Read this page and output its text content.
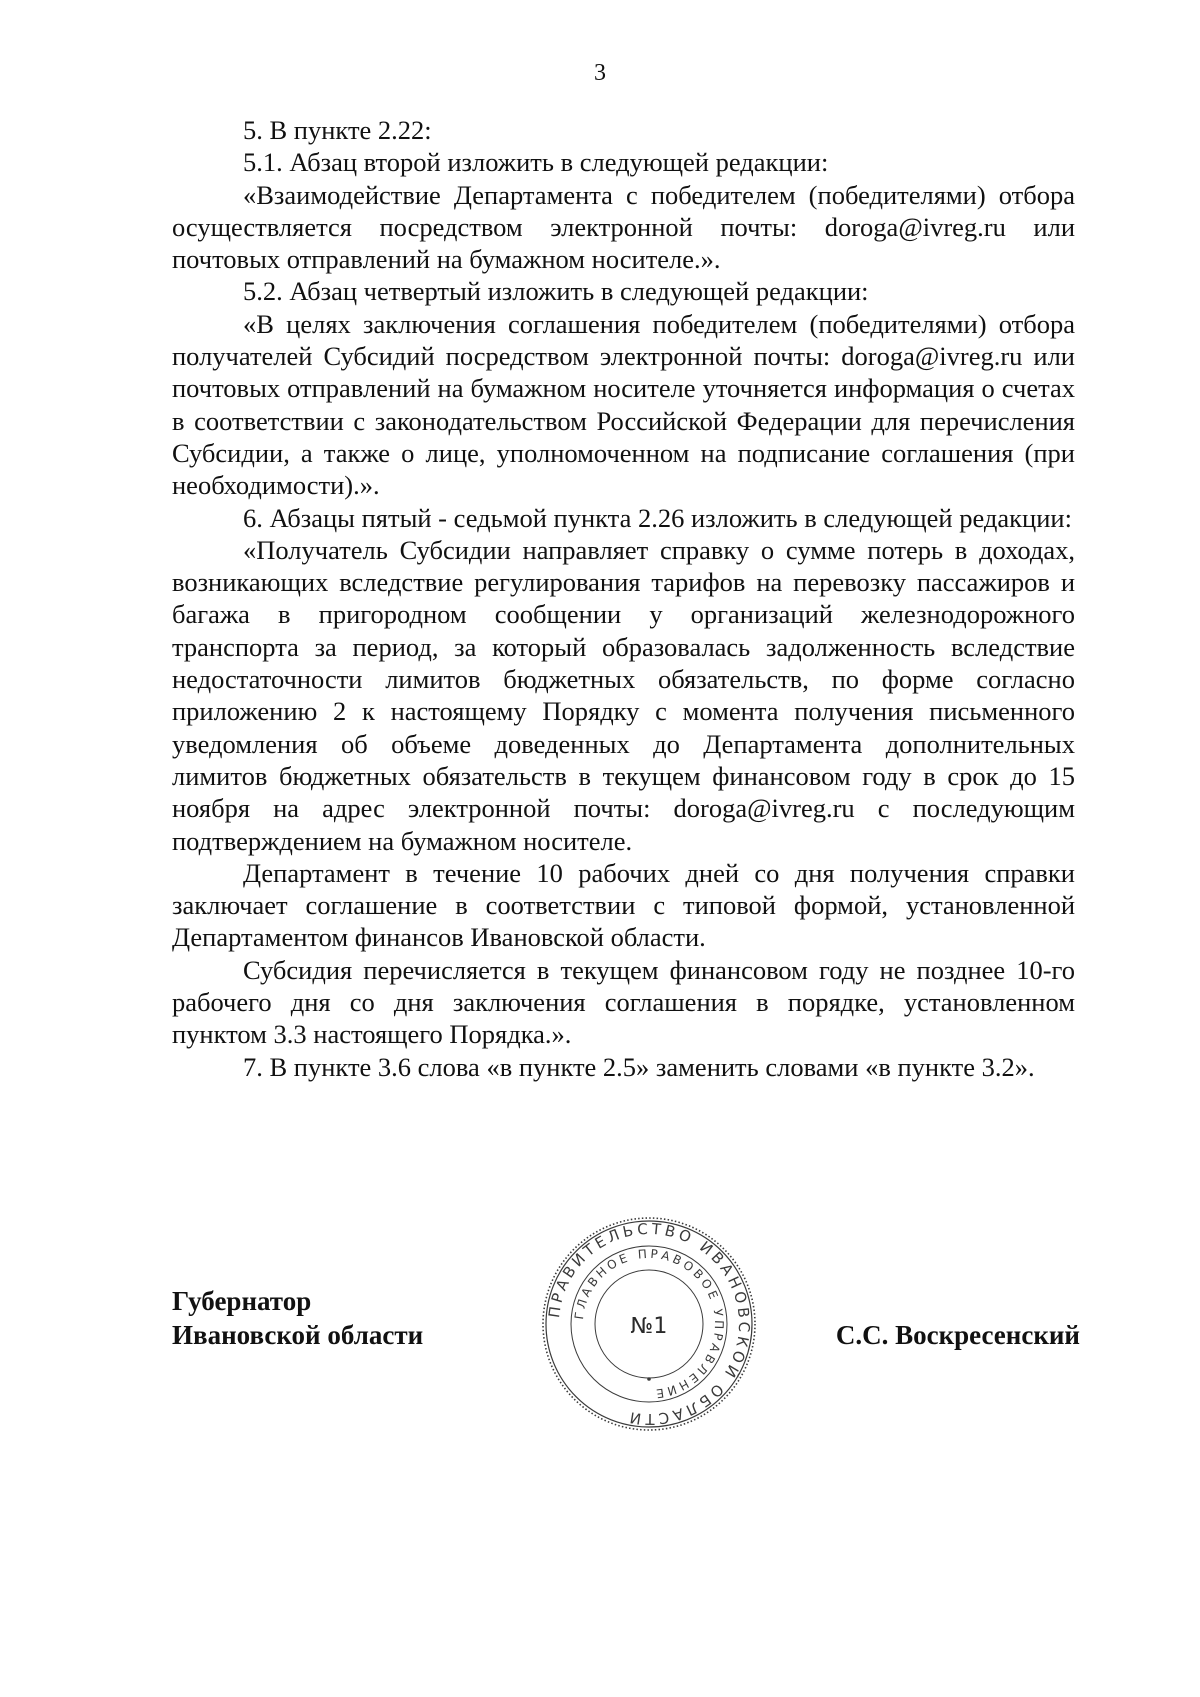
3

5. В пункте 2.22:

5.1. Абзац второй изложить в следующей редакции:

«Взаимодействие Департамента с победителем (победителями) отбора осуществляется посредством электронной почты: doroga@ivreg.ru или почтовых отправлений на бумажном носителе.».

5.2. Абзац четвертый изложить в следующей редакции:

«В целях заключения соглашения победителем (победителями) отбора получателей Субсидий посредством электронной почты: doroga@ivreg.ru или почтовых отправлений на бумажном носителе уточняется информация о счетах в соответствии с законодательством Российской Федерации для перечисления Субсидии, а также о лице, уполномоченном на подписание соглашения (при необходимости).».

6. Абзацы пятый - седьмой пункта 2.26 изложить в следующей редакции:

«Получатель Субсидии направляет справку о сумме потерь в доходах, возникающих вследствие регулирования тарифов на перевозку пассажиров и багажа в пригородном сообщении у организаций железнодорожного транспорта за период, за который образовалась задолженность вследствие недостаточности лимитов бюджетных обязательств, по форме согласно приложению 2 к настоящему Порядку с момента получения письменного уведомления об объеме доведенных до Департамента дополнительных лимитов бюджетных обязательств в текущем финансовом году в срок до 15 ноября на адрес электронной почты: doroga@ivreg.ru с последующим подтверждением на бумажном носителе.

Департамент в течение 10 рабочих дней со дня получения справки заключает соглашение в соответствии с типовой формой, установленной Департаментом финансов Ивановской области.

Субсидия перечисляется в текущем финансовом году не позднее 10-го рабочего дня со дня заключения соглашения в порядке, установленном пунктом 3.3 настоящего Порядка.».

7. В пункте 3.6 слова «в пункте 2.5» заменить словами «в пункте 3.2».

Губернатор
Ивановской области	С.С. Воскресенский
ПРАВИТЕЛЬСТВО ИВАНОВСКОЙ ОБЛАСТИ
ГЛАВНОЕ ПРАВОВОЕ УПРАВЛЕНИЕ
№1
